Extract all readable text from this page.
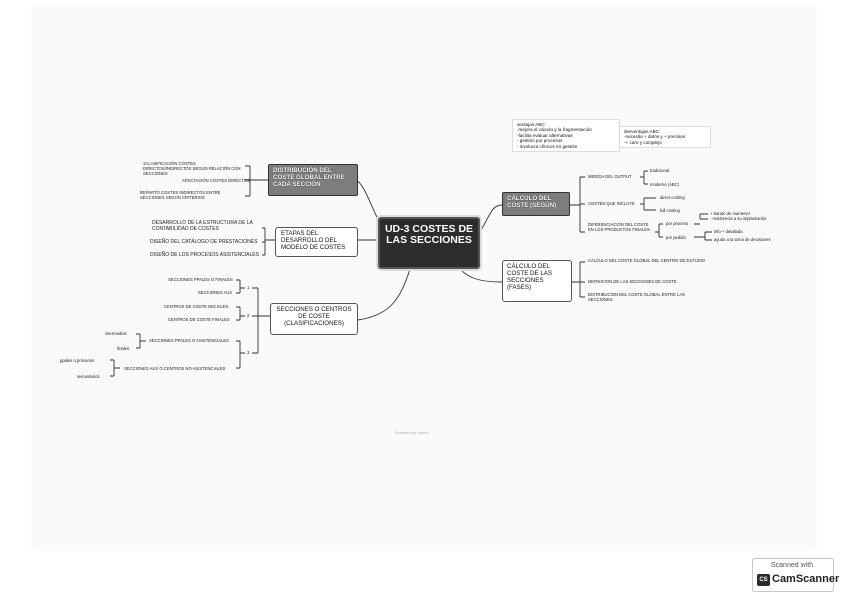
UD-3 COSTES DE LAS SECCIONES
DISTRIBUCIÓN DEL COSTE GLOBAL ENTRE CADA SECCIÓN
1CLASIFICACIÓN COSTES DIRECTOS/INDIRECTOS SEGÚN RELACIÓN CON SECCIONES
AFECTACIÓN COSTES DIRECTOS
REPARTO COSTES INDIRECTOS ENTRE SECCIONES SEGÚN CRITERIOS
ETAPAS DEL DESARROLLO DEL MODELO DE COSTES
DESARROLLO DE LA ESTRUCTURA DE LA CONTABILIDAD DE COSTES
DISEÑO DEL CATÁLOGO DE PRESTACIONES
DISEÑO DE LOS PROCESOS ASISTENCIALES
SECCIONES O CENTROS DE COSTE (CLASIFICACIONES)
1
2
3
SECCIONES PPALES O FINALES
SECCIONES AUX
CENTROS DE COSTE INICIALES
CENTROS DE COSTE FINALES
SECCIONES PPALES O ASISTENCIALES
SECCIONES AUX O CENTROS NO ASISTENCIALES
intermedios
finales
ppales o primarios
secundarios
CÁLCULO DEL COSTE (SEGÚN)
MEDIDA DEL OUTPUT
tradicional
moderno (ABC)
COSTES QUE INCLUYE
direct costing
full costing
DIFERENCIACION DEL COSTE EN LOS PRODUCTOS FINALES
por proceso
por pedido
+ barato de mantener
- resistencia a su implantación
info + detallada
ayuda a la toma de decisiones
ventajas ABC:
-mejora el cálculo y la fragmentación
-facilita evaluar alternativas
- gestión por procesos
- involucra clínicos en gestión
desventajas ABC:
-necesita + datos y + precisos
-+ caro y complejo
CÁLCULO DEL COSTE DE LAS SECCIONES (FASES)
CÁLCULO DEL COSTE GLOBAL DEL CENTRO DE ESTUDIO
DEFINICION DE LAS SECCIONES DE COSTE
DISTRIBUCION DEL COSTE GLOBAL ENTRE LAS SECCIONES
Powered by Xmind
Scanned with
CS CamScanner
